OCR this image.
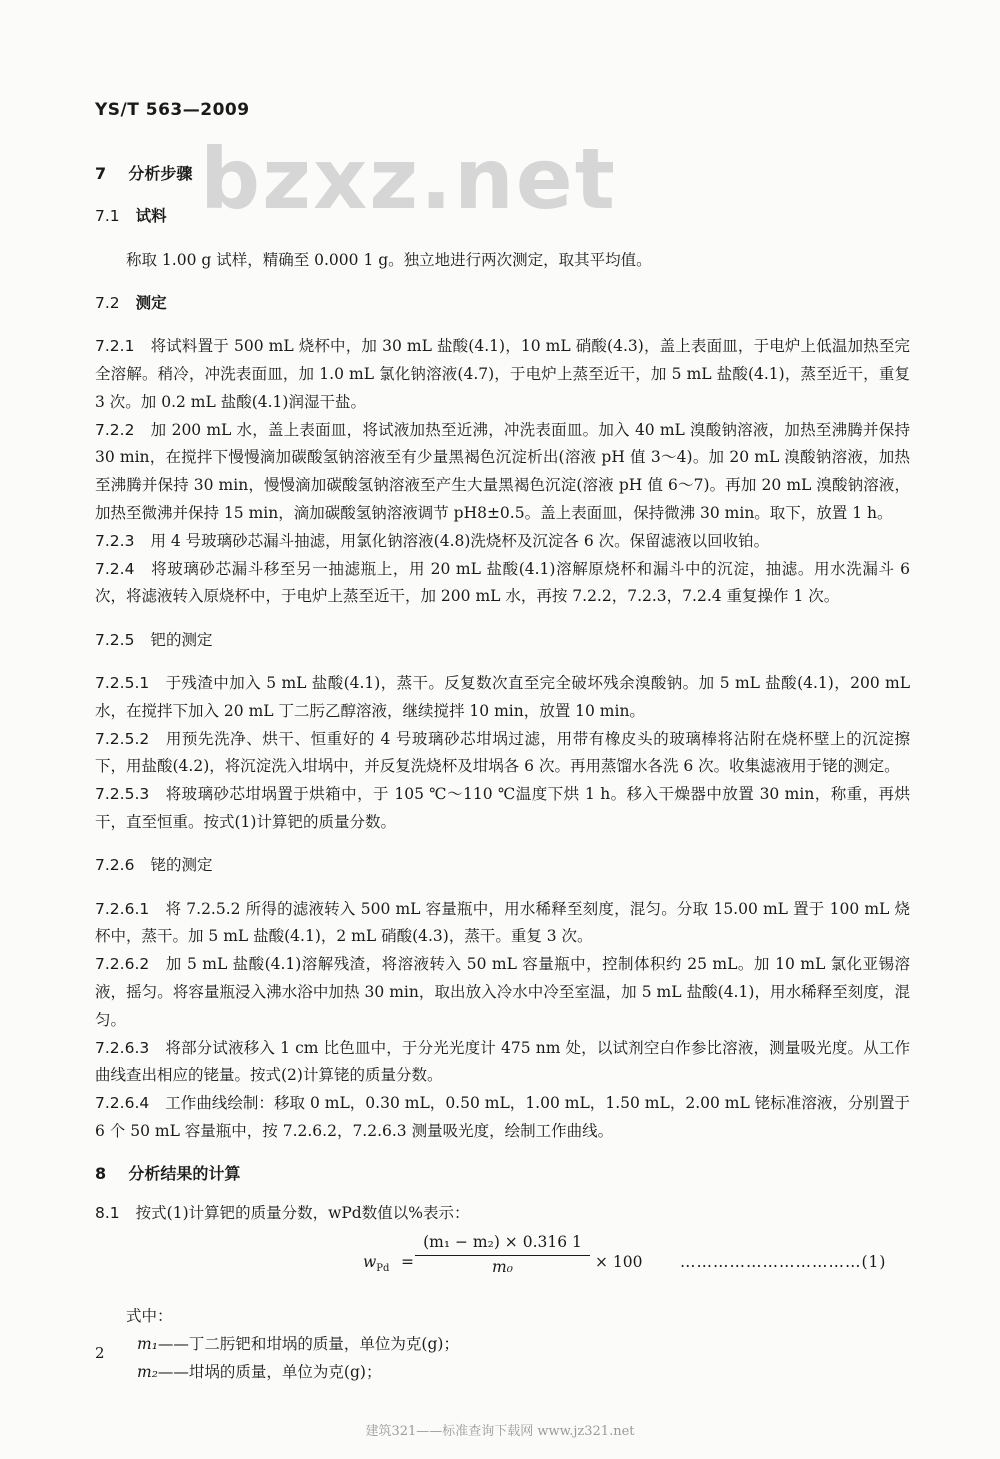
YS/T 563—2009
bzxz.net

7 分析步骤

7.1 试料

称取 1.00 g 试样，精确至 0.000 1 g。独立地进行两次测定，取其平均值。

7.2 测定

7.2.1 将试料置于 500 mL 烧杯中，加 30 mL 盐酸(4.1)，10 mL 硝酸(4.3)，盖上表面皿，于电炉上低温加热至完全溶解。稍冷，冲洗表面皿，加 1.0 mL 氯化钠溶液(4.7)，于电炉上蒸至近干，加 5 mL 盐酸(4.1)，蒸至近干，重复 3 次。加 0.2 mL 盐酸(4.1)润湿干盐。

7.2.2 加 200 mL 水，盖上表面皿，将试液加热至近沸，冲洗表面皿。加入 40 mL 溴酸钠溶液，加热至沸腾并保持 30 min，在搅拌下慢慢滴加碳酸氢钠溶液至有少量黑褐色沉淀析出(溶液 pH 值 3～4)。加 20 mL 溴酸钠溶液，加热至沸腾并保持 30 min，慢慢滴加碳酸氢钠溶液至产生大量黑褐色沉淀(溶液 pH 值 6～7)。再加 20 mL 溴酸钠溶液，加热至微沸并保持 15 min，滴加碳酸氢钠溶液调节 pH8±0.5。盖上表面皿，保持微沸 30 min。取下，放置 1 h。

7.2.3 用 4 号玻璃砂芯漏斗抽滤，用氯化钠溶液(4.8)洗烧杯及沉淀各 6 次。保留滤液以回收铂。

7.2.4 将玻璃砂芯漏斗移至另一抽滤瓶上，用 20 mL 盐酸(4.1)溶解原烧杯和漏斗中的沉淀，抽滤。用水洗漏斗 6 次，将滤液转入原烧杯中，于电炉上蒸至近干，加 200 mL 水，再按 7.2.2，7.2.3，7.2.4 重复操作 1 次。

7.2.5 钯的测定

7.2.5.1 于残渣中加入 5 mL 盐酸(4.1)，蒸干。反复数次直至完全破坏残余溴酸钠。加 5 mL 盐酸(4.1)，200 mL 水，在搅拌下加入 20 mL 丁二肟乙醇溶液，继续搅拌 10 min，放置 10 min。

7.2.5.2 用预先洗净、烘干、恒重好的 4 号玻璃砂芯坩埚过滤，用带有橡皮头的玻璃棒将沾附在烧杯壁上的沉淀擦下，用盐酸(4.2)，将沉淀洗入坩埚中，并反复洗烧杯及坩埚各 6 次。再用蒸馏水各洗 6 次。收集滤液用于铑的测定。

7.2.5.3 将玻璃砂芯坩埚置于烘箱中，于 105 ℃～110 ℃温度下烘 1 h。移入干燥器中放置 30 min，称重，再烘干，直至恒重。按式(1)计算钯的质量分数。

7.2.6 铑的测定

7.2.6.1 将 7.2.5.2 所得的滤液转入 500 mL 容量瓶中，用水稀释至刻度，混匀。分取 15.00 mL 置于 100 mL 烧杯中，蒸干。加 5 mL 盐酸(4.1)，2 mL 硝酸(4.3)，蒸干。重复 3 次。

7.2.6.2 加 5 mL 盐酸(4.1)溶解残渣，将溶液转入 50 mL 容量瓶中，控制体积约 25 mL。加 10 mL 氯化亚锡溶液，摇匀。将容量瓶浸入沸水浴中加热 30 min，取出放入冷水中冷至室温，加 5 mL 盐酸(4.1)，用水稀释至刻度，混匀。

7.2.6.3 将部分试液移入 1 cm 比色皿中，于分光光度计 475 nm 处，以试剂空白作参比溶液，测量吸光度。从工作曲线查出相应的铑量。按式(2)计算铑的质量分数。

7.2.6.4 工作曲线绘制：移取 0 mL，0.30 mL，0.50 mL，1.00 mL，1.50 mL，2.00 mL 铑标准溶液，分别置于 6 个 50 mL 容量瓶中，按 7.2.6.2，7.2.6.3 测量吸光度，绘制工作曲线。

8 分析结果的计算

8.1 按式(1)计算钯的质量分数，wPd数值以%表示：

$w_{Pd} = \frac{\text{(m₁ − m₂) × 0.316 1}}{\text{m₀}} \times 100$ ……………………………(1)

式中：

m₁——丁二肟钯和坩埚的质量，单位为克(g)；

m₂——坩埚的质量，单位为克(g)；

2
建筑321——标准查询下载网 www.jz321.net
